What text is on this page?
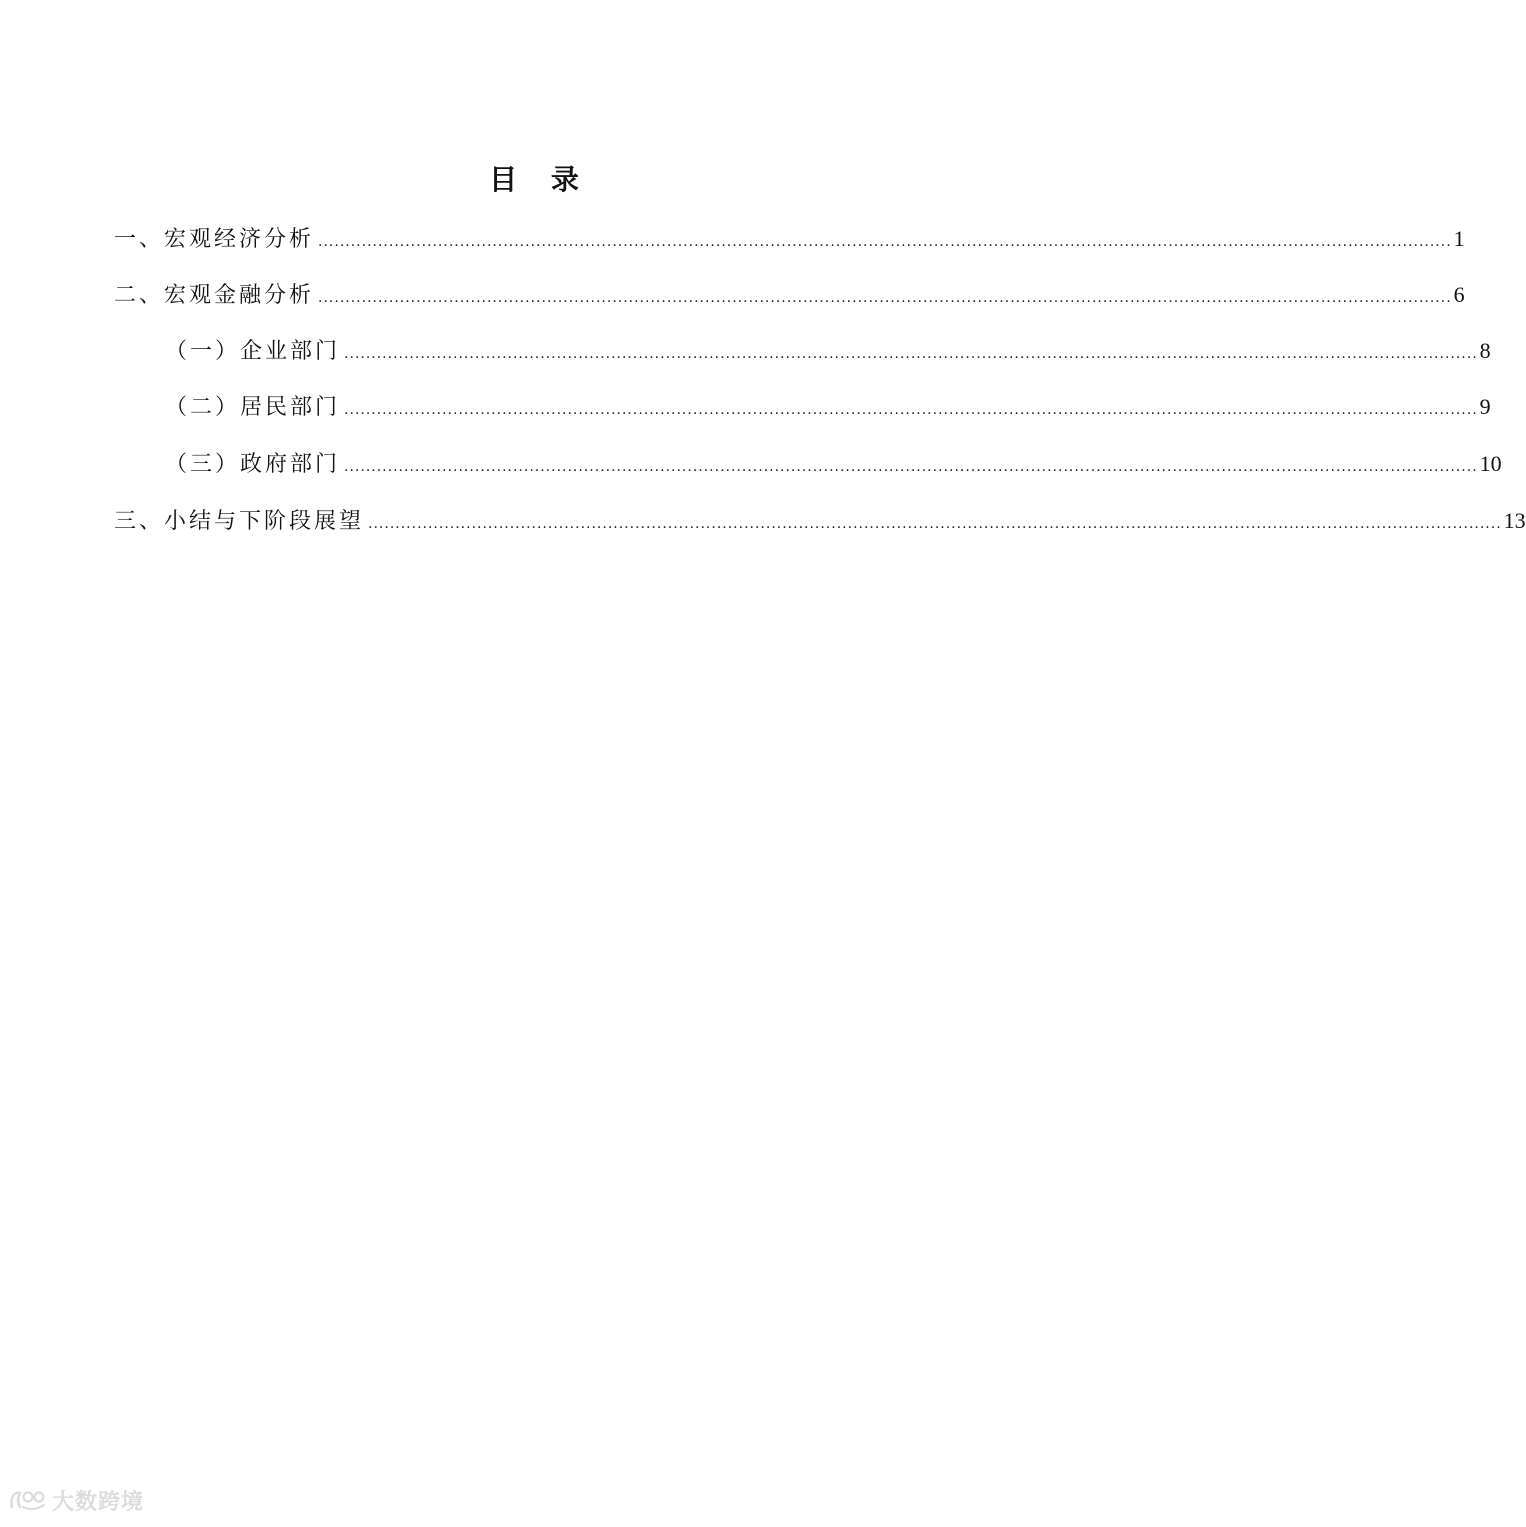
目 录
一、宏观经济分析 ................................................................................................................................................................................................................ 1
二、宏观金融分析 ................................................................................................................................................................................................................ 6
（一）企业部门 ................................................................................................................................................................................................................ 8
（二）居民部门 ................................................................................................................................................................................................................ 9
（三）政府部门 ................................................................................................................................................................................................................ 10
三、小结与下阶段展望 ................................................................................................................................................................................................................ 13
大数跨境
